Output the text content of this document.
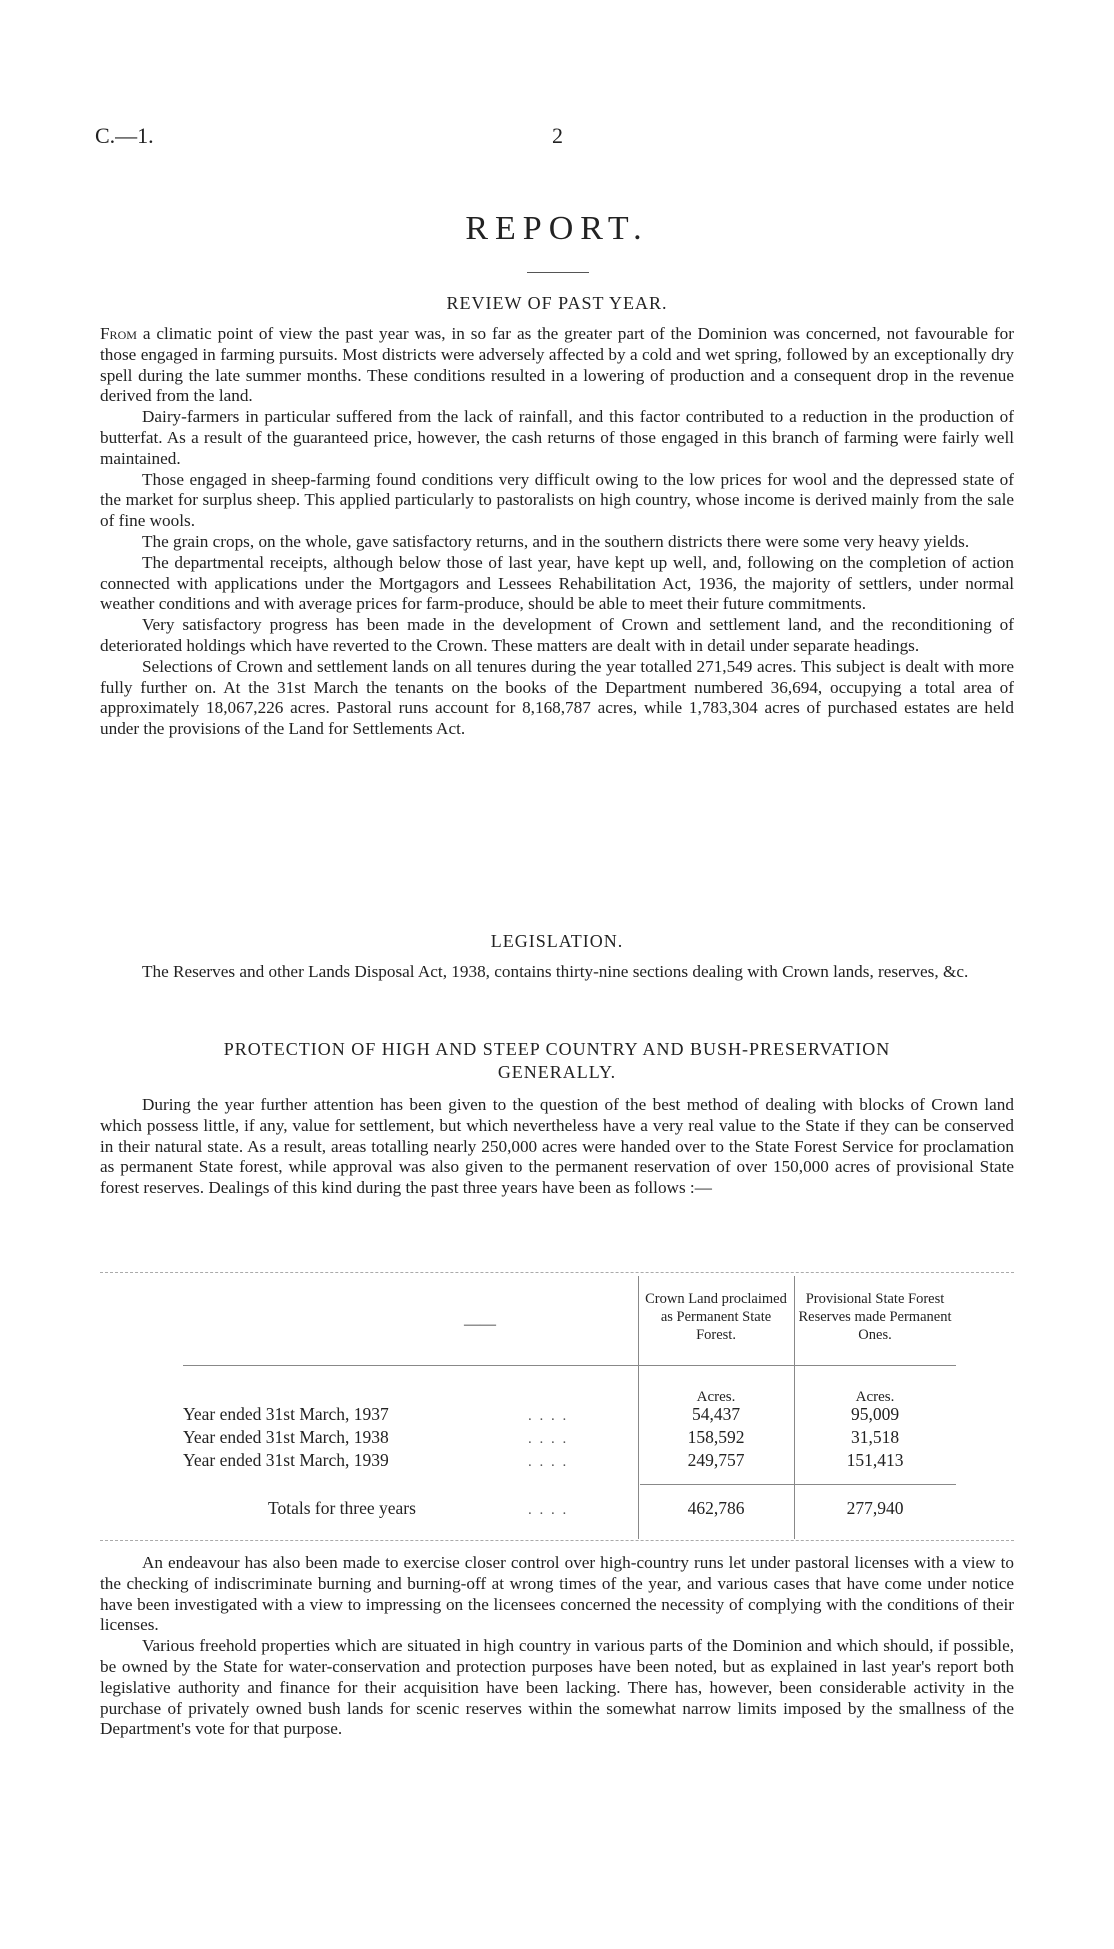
C.—1.	2
REPORT.
REVIEW OF PAST YEAR.

From a climatic point of view the past year was, in so far as the greater part of the Dominion was concerned, not favourable for those engaged in farming pursuits. Most districts were adversely affected by a cold and wet spring, followed by an exceptionally dry spell during the late summer months. These conditions resulted in a lowering of production and a consequent drop in the revenue derived from the land.

Dairy-farmers in particular suffered from the lack of rainfall, and this factor contributed to a reduction in the production of butterfat. As a result of the guaranteed price, however, the cash returns of those engaged in this branch of farming were fairly well maintained.

Those engaged in sheep-farming found conditions very difficult owing to the low prices for wool and the depressed state of the market for surplus sheep. This applied particularly to pastoralists on high country, whose income is derived mainly from the sale of fine wools.

The grain crops, on the whole, gave satisfactory returns, and in the southern districts there were some very heavy yields.

The departmental receipts, although below those of last year, have kept up well, and, following on the completion of action connected with applications under the Mortgagors and Lessees Rehabilitation Act, 1936, the majority of settlers, under normal weather conditions and with average prices for farm-produce, should be able to meet their future commitments.

Very satisfactory progress has been made in the development of Crown and settlement land, and the reconditioning of deteriorated holdings which have reverted to the Crown. These matters are dealt with in detail under separate headings.

Selections of Crown and settlement lands on all tenures during the year totalled 271,549 acres. This subject is dealt with more fully further on. At the 31st March the tenants on the books of the Department numbered 36,694, occupying a total area of approximately 18,067,226 acres. Pastoral runs account for 8,168,787 acres, while 1,783,304 acres of purchased estates are held under the provisions of the Land for Settlements Act.

LEGISLATION.

The Reserves and other Lands Disposal Act, 1938, contains thirty-nine sections dealing with Crown lands, reserves, &c.

PROTECTION OF HIGH AND STEEP COUNTRY AND BUSH-PRESERVATION
GENERALLY.

During the year further attention has been given to the question of the best method of dealing with blocks of Crown land which possess little, if any, value for settlement, but which nevertheless have a very real value to the State if they can be conserved in their natural state. As a result, areas totalling nearly 250,000 acres were handed over to the State Forest Service for proclamation as permanent State forest, while approval was also given to the permanent reservation of over 150,000 acres of provisional State forest reserves. Dealings of this kind during the past three years have been as follows :—

——
Crown Land proclaimed as Permanent State Forest.
Provisional State Forest Reserves made Permanent Ones.
Acres.	Acres.
Year ended 31st March, 1937	. . . .	54,437	95,009
Year ended 31st March, 1938	. . . .	158,592	31,518
Year ended 31st March, 1939	. . . .	249,757	151,413
Totals for three years	. . . .	462,786	277,940

An endeavour has also been made to exercise closer control over high-country runs let under pastoral licenses with a view to the checking of indiscriminate burning and burning-off at wrong times of the year, and various cases that have come under notice have been investigated with a view to impressing on the licensees concerned the necessity of complying with the conditions of their licenses.

Various freehold properties which are situated in high country in various parts of the Dominion and which should, if possible, be owned by the State for water-conservation and protection purposes have been noted, but as explained in last year's report both legislative authority and finance for their acquisition have been lacking. There has, however, been considerable activity in the purchase of privately owned bush lands for scenic reserves within the somewhat narrow limits imposed by the smallness of the Department's vote for that purpose.
